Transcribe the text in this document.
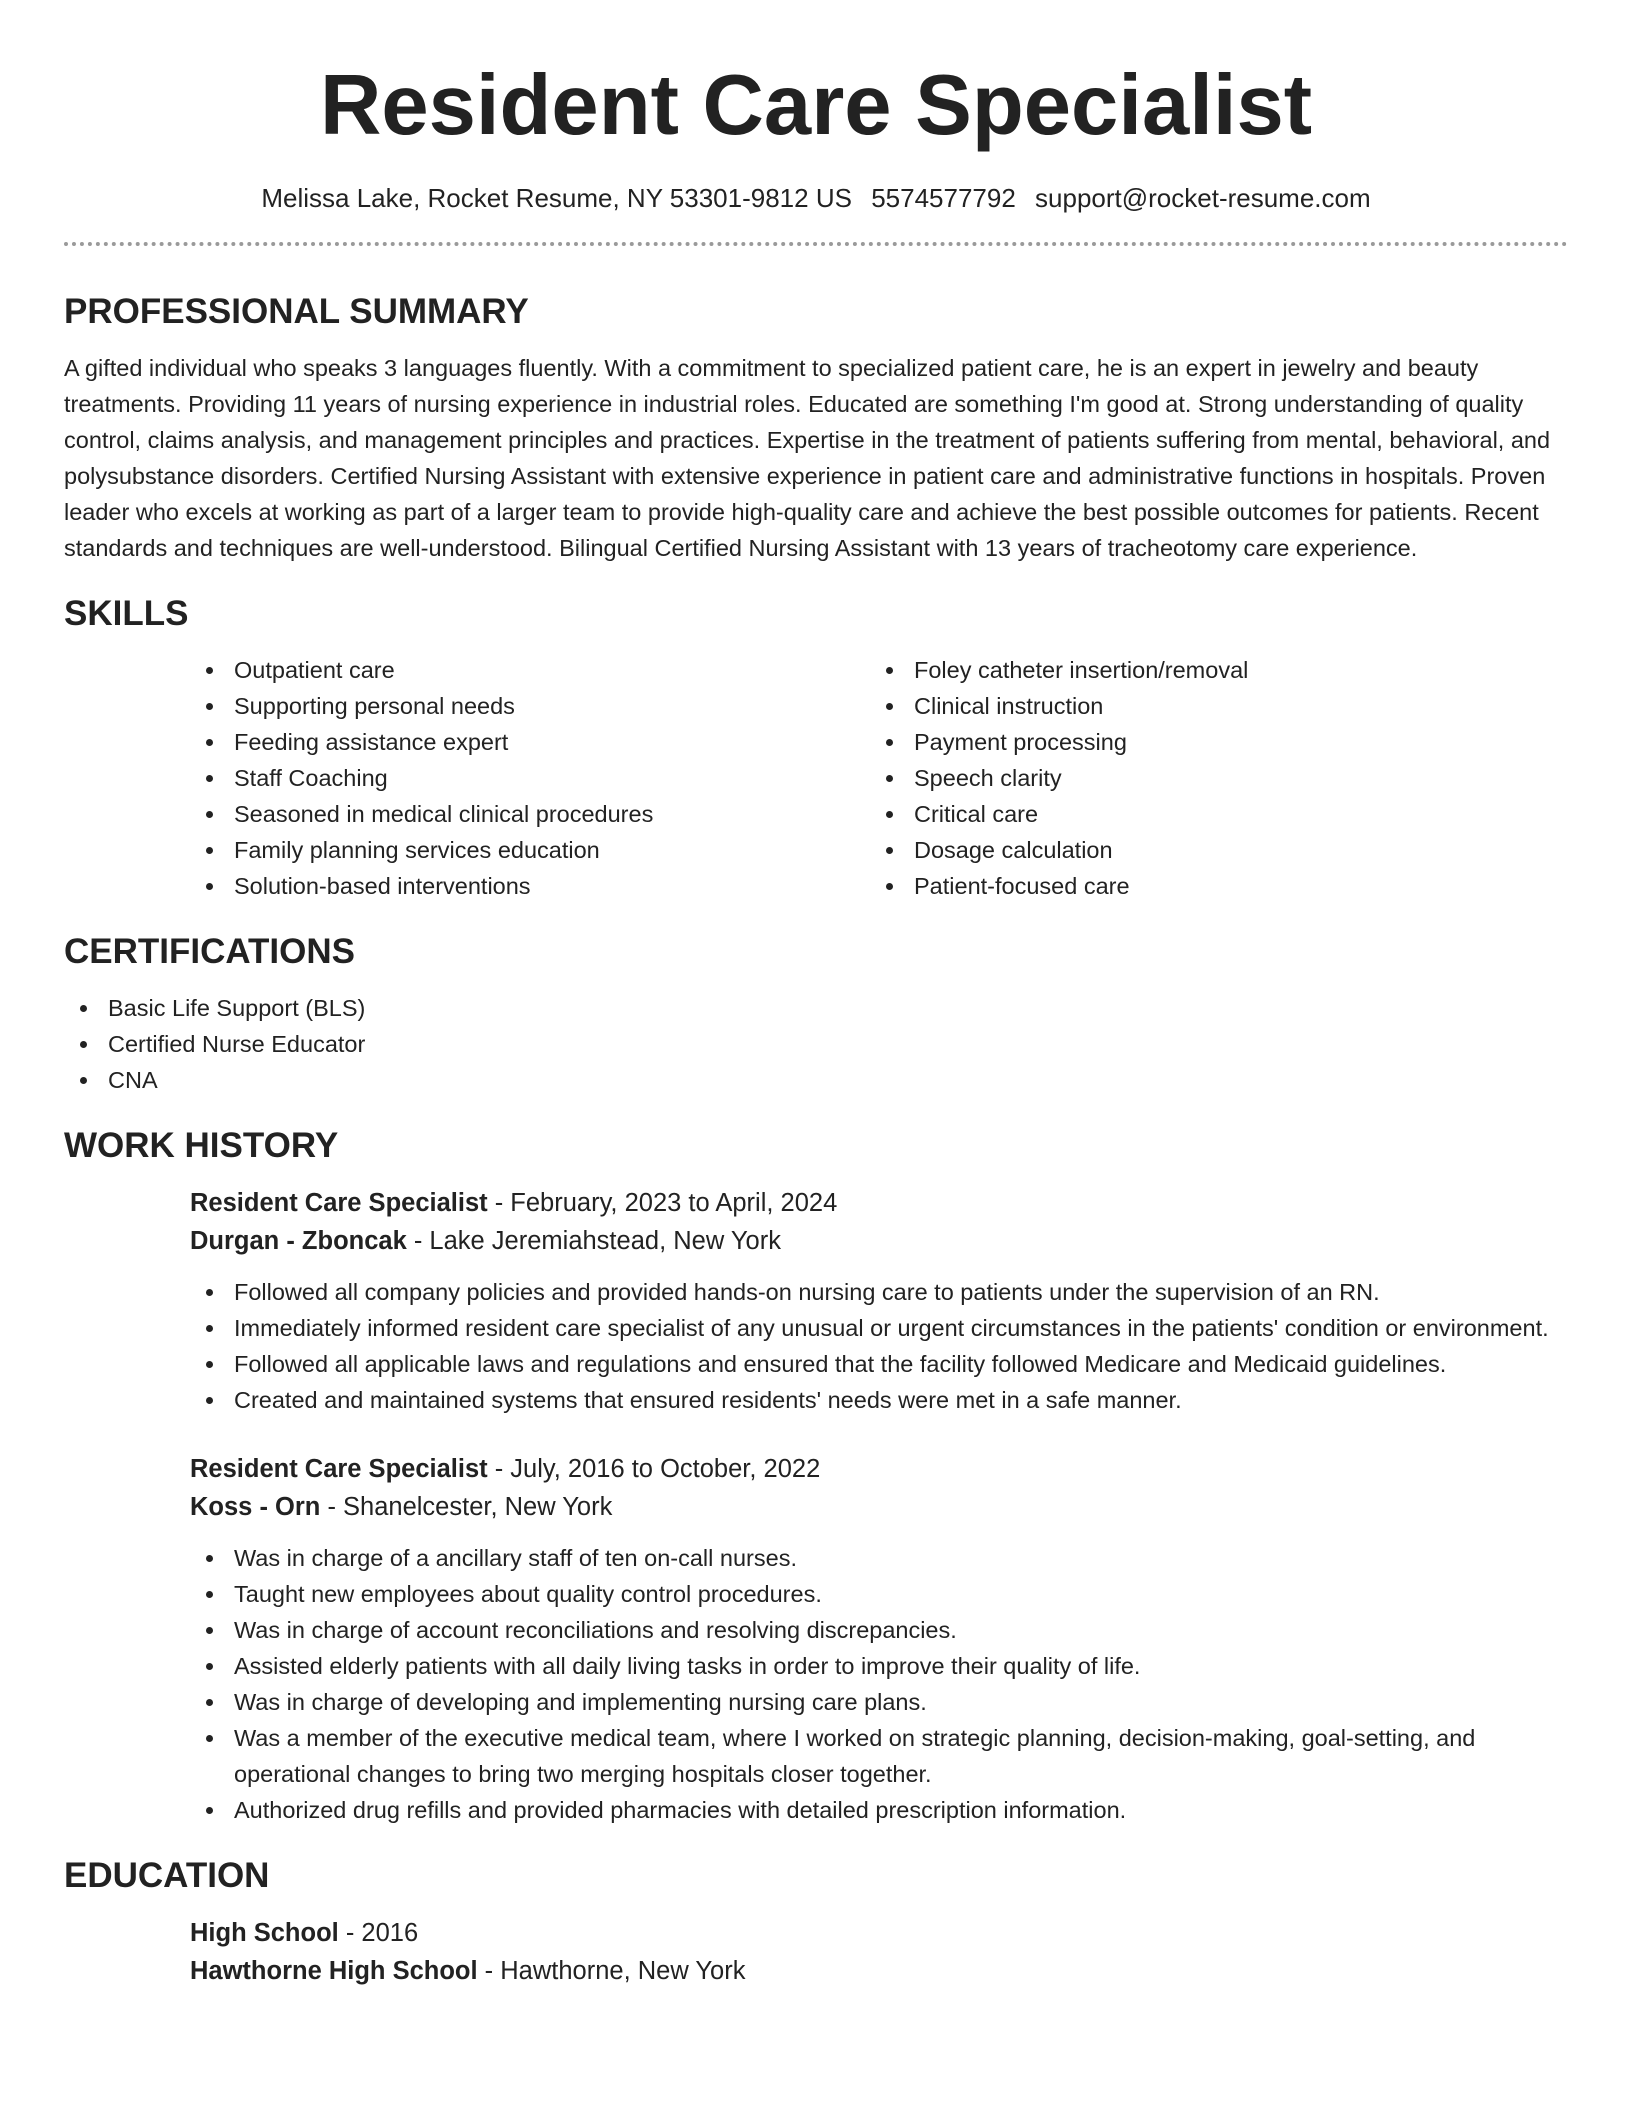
Resident Care Specialist
Melissa Lake, Rocket Resume, NY 53301-9812 US 5574577792 support@rocket-resume.com
PROFESSIONAL SUMMARY

A gifted individual who speaks 3 languages fluently. With a commitment to specialized patient care, he is an expert in jewelry and beauty treatments. Providing 11 years of nursing experience in industrial roles. Educated are something I'm good at. Strong understanding of quality control, claims analysis, and management principles and practices. Expertise in the treatment of patients suffering from mental, behavioral, and polysubstance disorders. Certified Nursing Assistant with extensive experience in patient care and administrative functions in hospitals. Proven leader who excels at working as part of a larger team to provide high-quality care and achieve the best possible outcomes for patients. Recent standards and techniques are well-understood. Bilingual Certified Nursing Assistant with 13 years of tracheotomy care experience.

SKILLS
Outpatient care
Supporting personal needs
Feeding assistance expert
Staff Coaching
Seasoned in medical clinical procedures
Family planning services education
Solution-based interventions
Foley catheter insertion/removal
Clinical instruction
Payment processing
Speech clarity
Critical care
Dosage calculation
Patient-focused care
CERTIFICATIONS
Basic Life Support (BLS)
Certified Nurse Educator
CNA
WORK HISTORY
Resident Care Specialist - February, 2023 to April, 2024
Durgan - Zboncak - Lake Jeremiahstead, New York
Followed all company policies and provided hands-on nursing care to patients under the supervision of an RN.
Immediately informed resident care specialist of any unusual or urgent circumstances in the patients' condition or environment.
Followed all applicable laws and regulations and ensured that the facility followed Medicare and Medicaid guidelines.
Created and maintained systems that ensured residents' needs were met in a safe manner.
Resident Care Specialist - July, 2016 to October, 2022
Koss - Orn - Shanelcester, New York
Was in charge of a ancillary staff of ten on-call nurses.
Taught new employees about quality control procedures.
Was in charge of account reconciliations and resolving discrepancies.
Assisted elderly patients with all daily living tasks in order to improve their quality of life.
Was in charge of developing and implementing nursing care plans.
Was a member of the executive medical team, where I worked on strategic planning, decision-making, goal-setting, and operational changes to bring two merging hospitals closer together.
Authorized drug refills and provided pharmacies with detailed prescription information.
EDUCATION
High School - 2016
Hawthorne High School - Hawthorne, New York
